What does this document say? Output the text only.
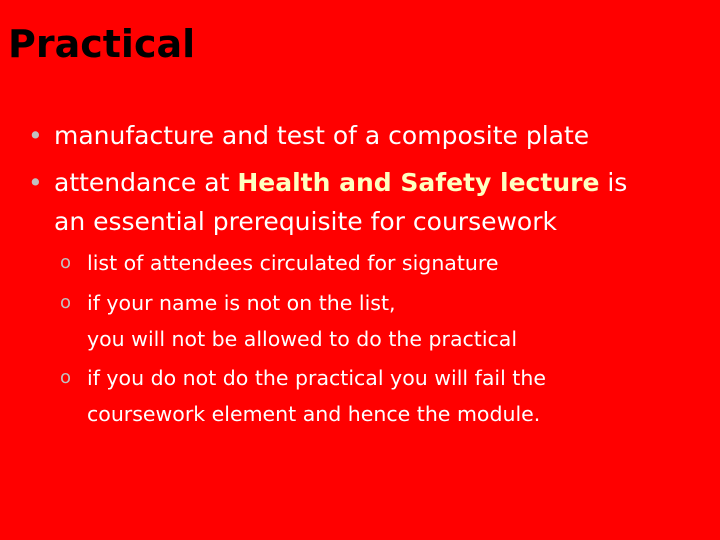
Practical
• manufacture and test of a composite plate
• attendance at Health and Safety lecture is
an essential prerequisite for coursework
o list of attendees circulated for signature
o if your name is not on the list,
you will not be allowed to do the practical
o if you do not do the practical you will fail the
coursework element and hence the module.
